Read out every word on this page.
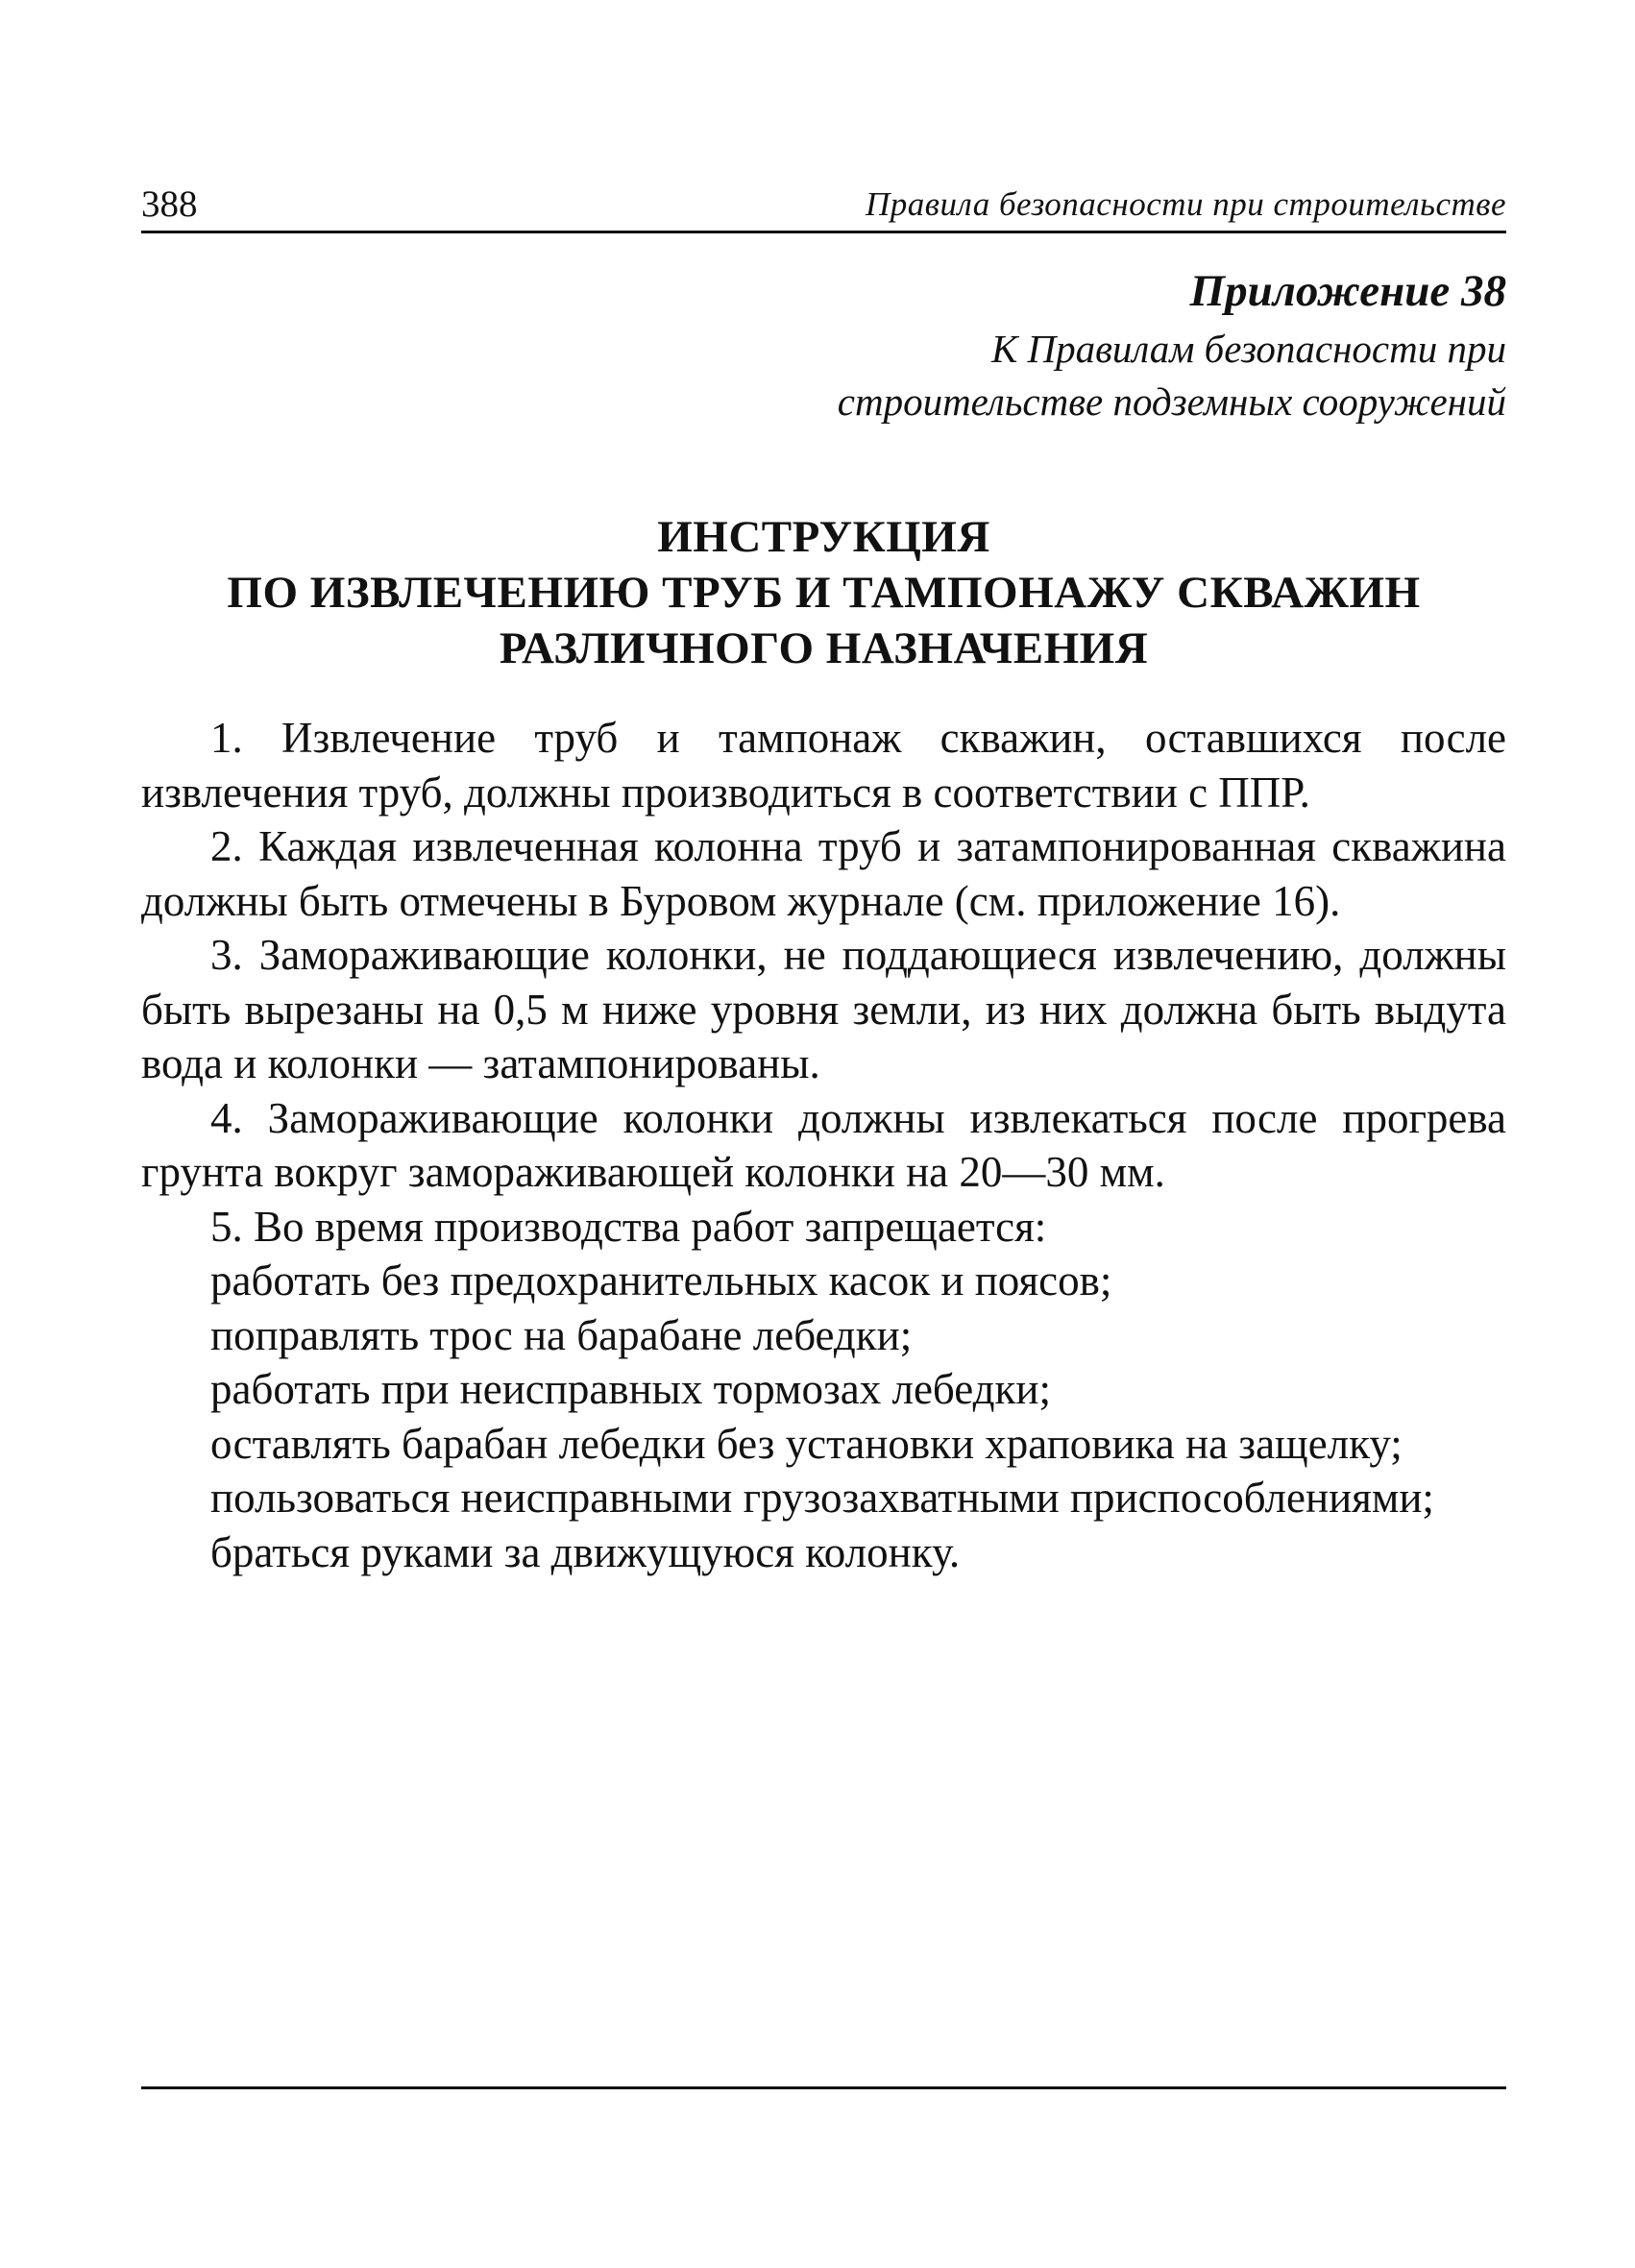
388	Правила безопасности при строительстве
Приложение 38
К Правилам безопасности при
строительстве подземных сооружений
ИНСТРУКЦИЯ
ПО ИЗВЛЕЧЕНИЮ ТРУБ И ТАМПОНАЖУ СКВАЖИН
РАЗЛИЧНОГО НАЗНАЧЕНИЯ

1. Извлечение труб и тампонаж скважин, оставшихся после извлечения труб, должны производиться в соответствии с ППР.

2. Каждая извлеченная колонна труб и затампонированная скважина должны быть отмечены в Буровом журнале (см. приложение 16).

3. Замораживающие колонки, не поддающиеся извлечению, должны быть вырезаны на 0,5 м ниже уровня земли, из них должна быть выдута вода и колонки — затампонированы.

4. Замораживающие колонки должны извлекаться после прогрева грунта вокруг замораживающей колонки на 20—30 мм.

5. Во время производства работ запрещается:

работать без предохранительных касок и поясов;

поправлять трос на барабане лебедки;

работать при неисправных тормозах лебедки;

оставлять барабан лебедки без установки храповика на защелку;

пользоваться неисправными грузозахватными приспособлениями;

браться руками за движущуюся колонку.
